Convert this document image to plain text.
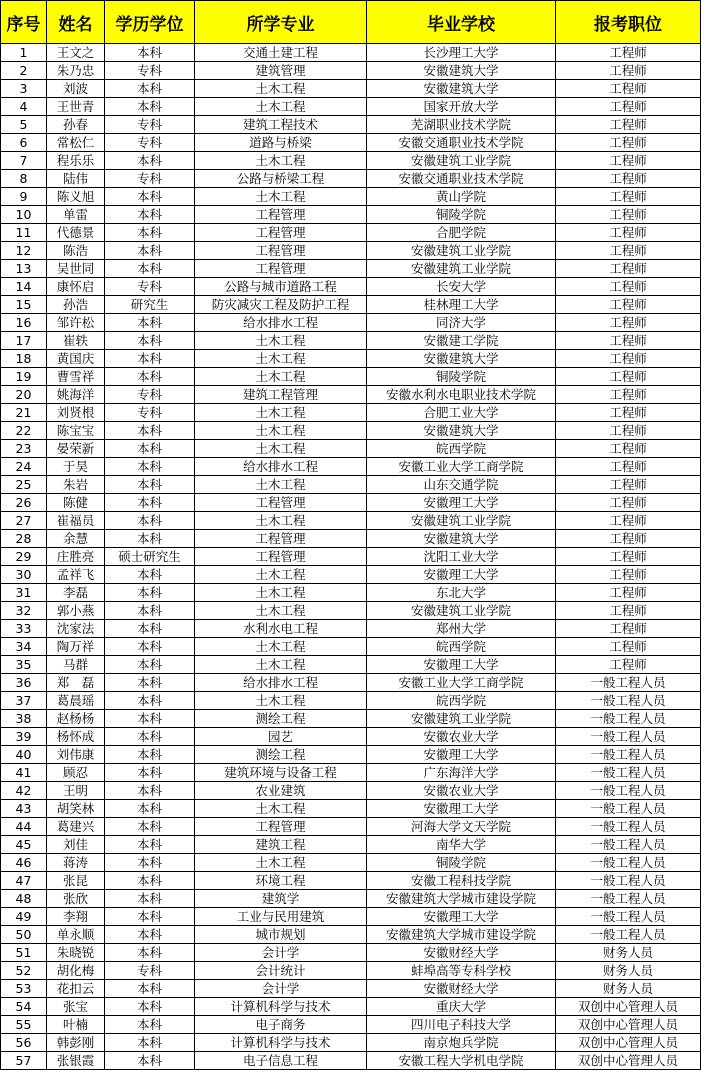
序号	姓名	学历学位	所学专业	毕业学校	报考职位
1	王文之	本科	交通土建工程	长沙理工大学	工程师
2	朱乃忠	专科	建筑管理	安徽建筑大学	工程师
3	刘波	本科	土木工程	安徽建筑大学	工程师
4	王世青	本科	土木工程	国家开放大学	工程师
5	孙春	专科	建筑工程技术	芜湖职业技术学院	工程师
6	常松仁	专科	道路与桥梁	安徽交通职业技术学院	工程师
7	程乐乐	本科	土木工程	安徽建筑工业学院	工程师
8	陆伟	专科	公路与桥梁工程	安徽交通职业技术学院	工程师
9	陈义旭	本科	土木工程	黄山学院	工程师
10	单雷	本科	工程管理	铜陵学院	工程师
11	代德景	本科	工程管理	合肥学院	工程师
12	陈浩	本科	工程管理	安徽建筑工业学院	工程师
13	吴世同	本科	工程管理	安徽建筑工业学院	工程师
14	康怀启	专科	公路与城市道路工程	长安大学	工程师
15	孙浩	研究生	防灾减灾工程及防护工程	桂林理工大学	工程师
16	邹许松	本科	给水排水工程	同济大学	工程师
17	崔轶	本科	土木工程	安徽建工学院	工程师
18	黄国庆	本科	土木工程	安徽建筑大学	工程师
19	曹雪祥	本科	土木工程	铜陵学院	工程师
20	姚海洋	专科	建筑工程管理	安徽水利水电职业技术学院	工程师
21	刘贤根	专科	土木工程	合肥工业大学	工程师
22	陈宝宝	本科	土木工程	安徽建筑大学	工程师
23	晏荣新	本科	土木工程	皖西学院	工程师
24	于昊	本科	给水排水工程	安徽工业大学工商学院	工程师
25	朱岩	本科	土木工程	山东交通学院	工程师
26	陈健	本科	工程管理	安徽理工大学	工程师
27	崔福员	本科	土木工程	安徽建筑工业学院	工程师
28	余慧	本科	工程管理	安徽建筑大学	工程师
29	庄胜亮	硕士研究生	工程管理	沈阳工业大学	工程师
30	孟祥飞	本科	土木工程	安徽理工大学	工程师
31	李磊	本科	土木工程	东北大学	工程师
32	郭小燕	本科	土木工程	安徽建筑工业学院	工程师
33	沈家法	本科	水利水电工程	郑州大学	工程师
34	陶万祥	本科	土木工程	皖西学院	工程师
35	马群	本科	土木工程	安徽理工大学	工程师
36	郑　磊	本科	给水排水工程	安徽工业大学工商学院	一般工程人员
37	葛晨瑶	本科	土木工程	皖西学院	一般工程人员
38	赵杨杨	本科	测绘工程	安徽建筑工业学院	一般工程人员
39	杨怀成	本科	园艺	安徽农业大学	一般工程人员
40	刘伟康	本科	测绘工程	安徽理工大学	一般工程人员
41	顾忍	本科	建筑环境与设备工程	广东海洋大学	一般工程人员
42	王明	本科	农业建筑	安徽农业大学	一般工程人员
43	胡笑林	本科	土木工程	安徽理工大学	一般工程人员
44	葛建兴	本科	工程管理	河海大学文天学院	一般工程人员
45	刘佳	本科	建筑工程	南华大学	一般工程人员
46	蒋涛	本科	土木工程	铜陵学院	一般工程人员
47	张昆	本科	环境工程	安徽工程科技学院	一般工程人员
48	张欣	本科	建筑学	安徽建筑大学城市建设学院	一般工程人员
49	李翔	本科	工业与民用建筑	安徽理工大学	一般工程人员
50	单永顺	本科	城市规划	安徽建筑大学城市建设学院	一般工程人员
51	朱晓锐	本科	会计学	安徽财经大学	财务人员
52	胡化梅	专科	会计统计	蚌埠高等专科学校	财务人员
53	花扣云	本科	会计学	安徽财经大学	财务人员
54	张宝	本科	计算机科学与技术	重庆大学	双创中心管理人员
55	叶楠	本科	电子商务	四川电子科技大学	双创中心管理人员
56	韩彭刚	本科	计算机科学与技术	南京炮兵学院	双创中心管理人员
57	张银霞	本科	电子信息工程	安徽工程大学机电学院	双创中心管理人员
